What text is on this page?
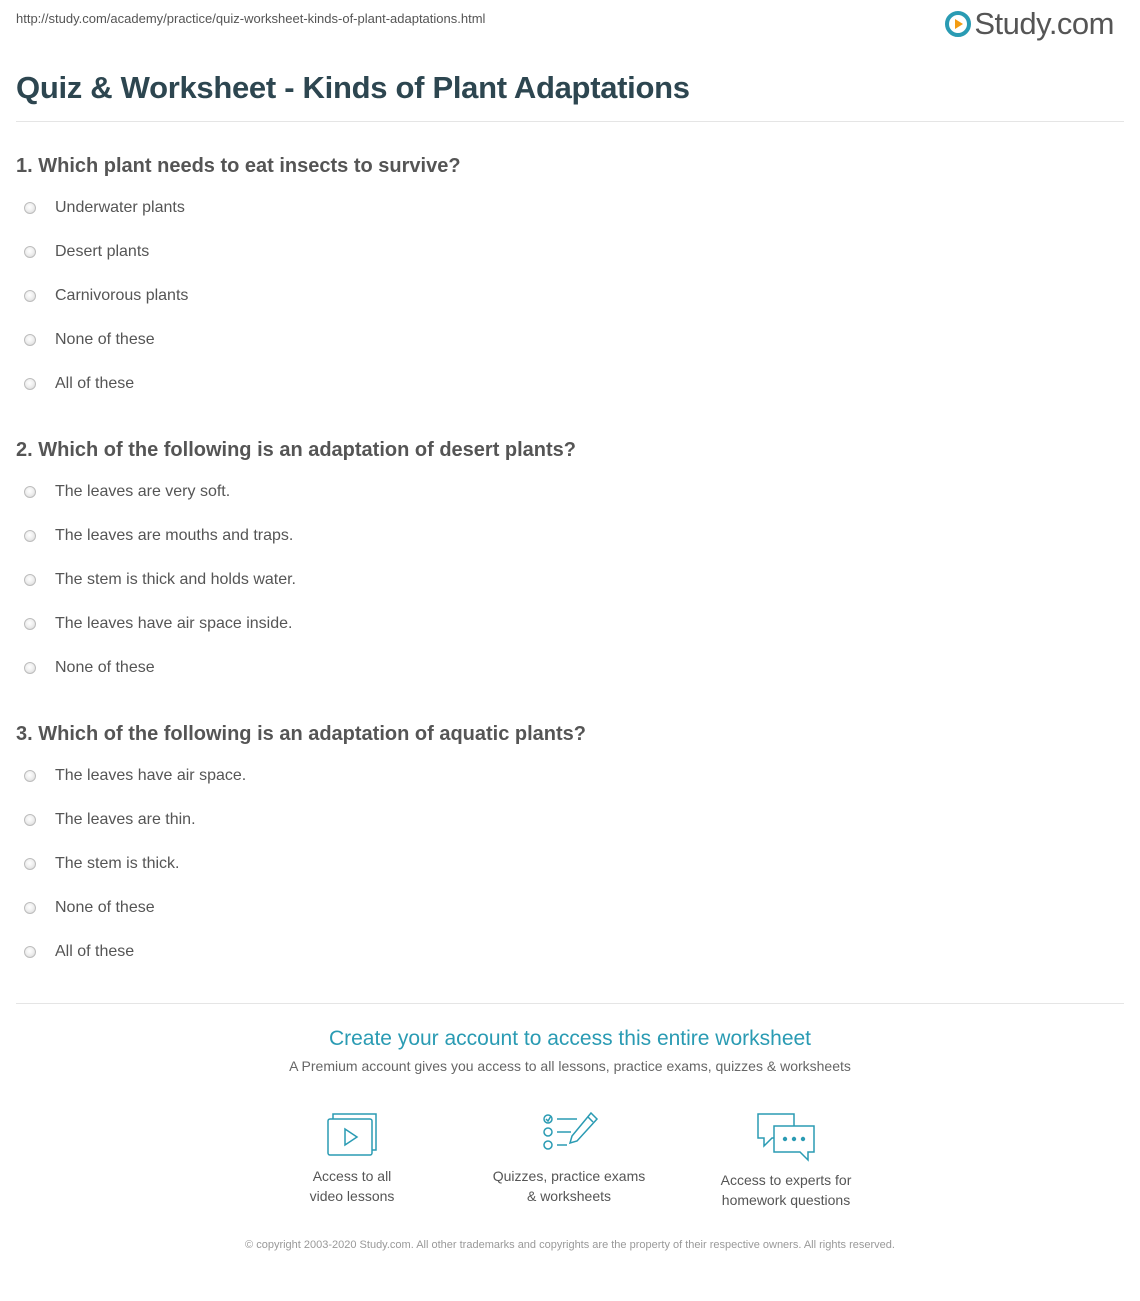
http://study.com/academy/practice/quiz-worksheet-kinds-of-plant-adaptations.html	Study.com
Quiz & Worksheet - Kinds of Plant Adaptations
1. Which plant needs to eat insects to survive?
Underwater plants
Desert plants
Carnivorous plants
None of these
All of these
2. Which of the following is an adaptation of desert plants?
The leaves are very soft.
The leaves are mouths and traps.
The stem is thick and holds water.
The leaves have air space inside.
None of these
3. Which of the following is an adaptation of aquatic plants?
The leaves have air space.
The leaves are thin.
The stem is thick.
None of these
All of these
Create your account to access this entire worksheet
A Premium account gives you access to all lessons, practice exams, quizzes & worksheets
Access to all
video lessons
Quizzes, practice exams
& worksheets
Access to experts for
homework questions
© copyright 2003-2020 Study.com. All other trademarks and copyrights are the property of their respective owners. All rights reserved.
